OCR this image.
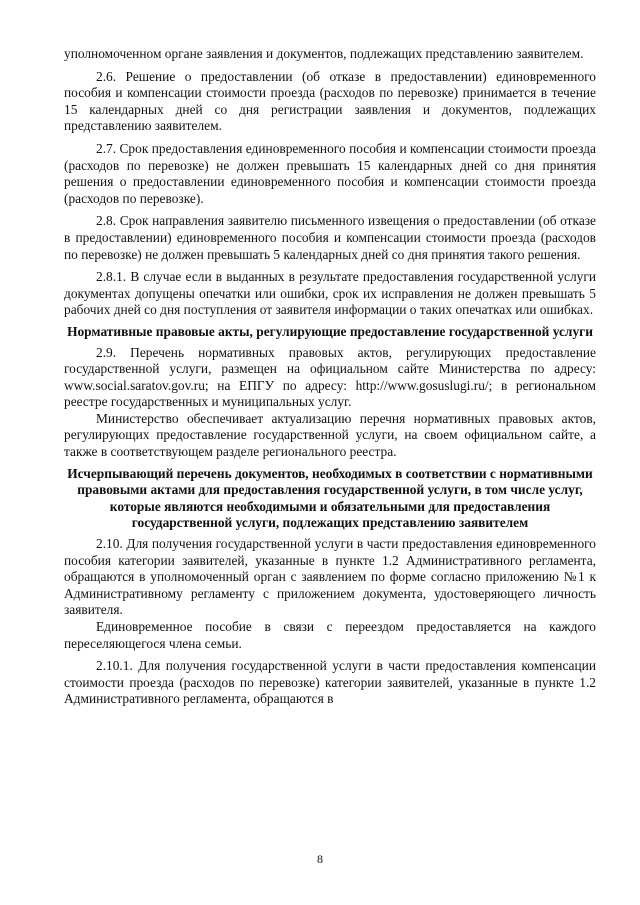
уполномоченном органе заявления и документов, подлежащих представлению заявителем.

2.6. Решение о предоставлении (об отказе в предоставлении) единовременного пособия и компенсации стоимости проезда (расходов по перевозке) принимается в течение 15 календарных дней со дня регистрации заявления и документов, подлежащих представлению заявителем.

2.7. Срок предоставления единовременного пособия и компенсации стоимости проезда (расходов по перевозке) не должен превышать 15 календарных дней со дня принятия решения о предоставлении единовременного пособия и компенсации стоимости проезда (расходов по перевозке).

2.8. Срок направления заявителю письменного извещения о предоставлении (об отказе в предоставлении) единовременного пособия и компенсации стоимости проезда (расходов по перевозке) не должен превышать 5 календарных дней со дня принятия такого решения.

2.8.1. В случае если в выданных в результате предоставления государственной услуги документах допущены опечатки или ошибки, срок их исправления не должен превышать 5 рабочих дней со дня поступления от заявителя информации о таких опечатках или ошибках.

Нормативные правовые акты, регулирующие предоставление государственной услуги

2.9. Перечень нормативных правовых актов, регулирующих предоставление государственной услуги, размещен на официальном сайте Министерства по адресу: www.social.saratov.gov.ru; на ЕПГУ по адресу: http://www.gosuslugi.ru/; в региональном реестре государственных и муниципальных услуг.

Министерство обеспечивает актуализацию перечня нормативных правовых актов, регулирующих предоставление государственной услуги, на своем официальном сайте, а также в соответствующем разделе регионального реестра.

Исчерпывающий перечень документов, необходимых в соответствии с нормативными правовыми актами для предоставления государственной услуги, в том числе услуг, которые являются необходимыми и обязательными для предоставления государственной услуги, подлежащих представлению заявителем

2.10. Для получения государственной услуги в части предоставления единовременного пособия категории заявителей, указанные в пункте 1.2 Административного регламента, обращаются в уполномоченный орган с заявлением по форме согласно приложению №1 к Административному регламенту с приложением документа, удостоверяющего личность заявителя.

Единовременное пособие в связи с переездом предоставляется на каждого переселяющегося члена семьи.

2.10.1. Для получения государственной услуги в части предоставления компенсации стоимости проезда (расходов по перевозке) категории заявителей, указанные в пункте 1.2 Административного регламента, обращаются в

8
